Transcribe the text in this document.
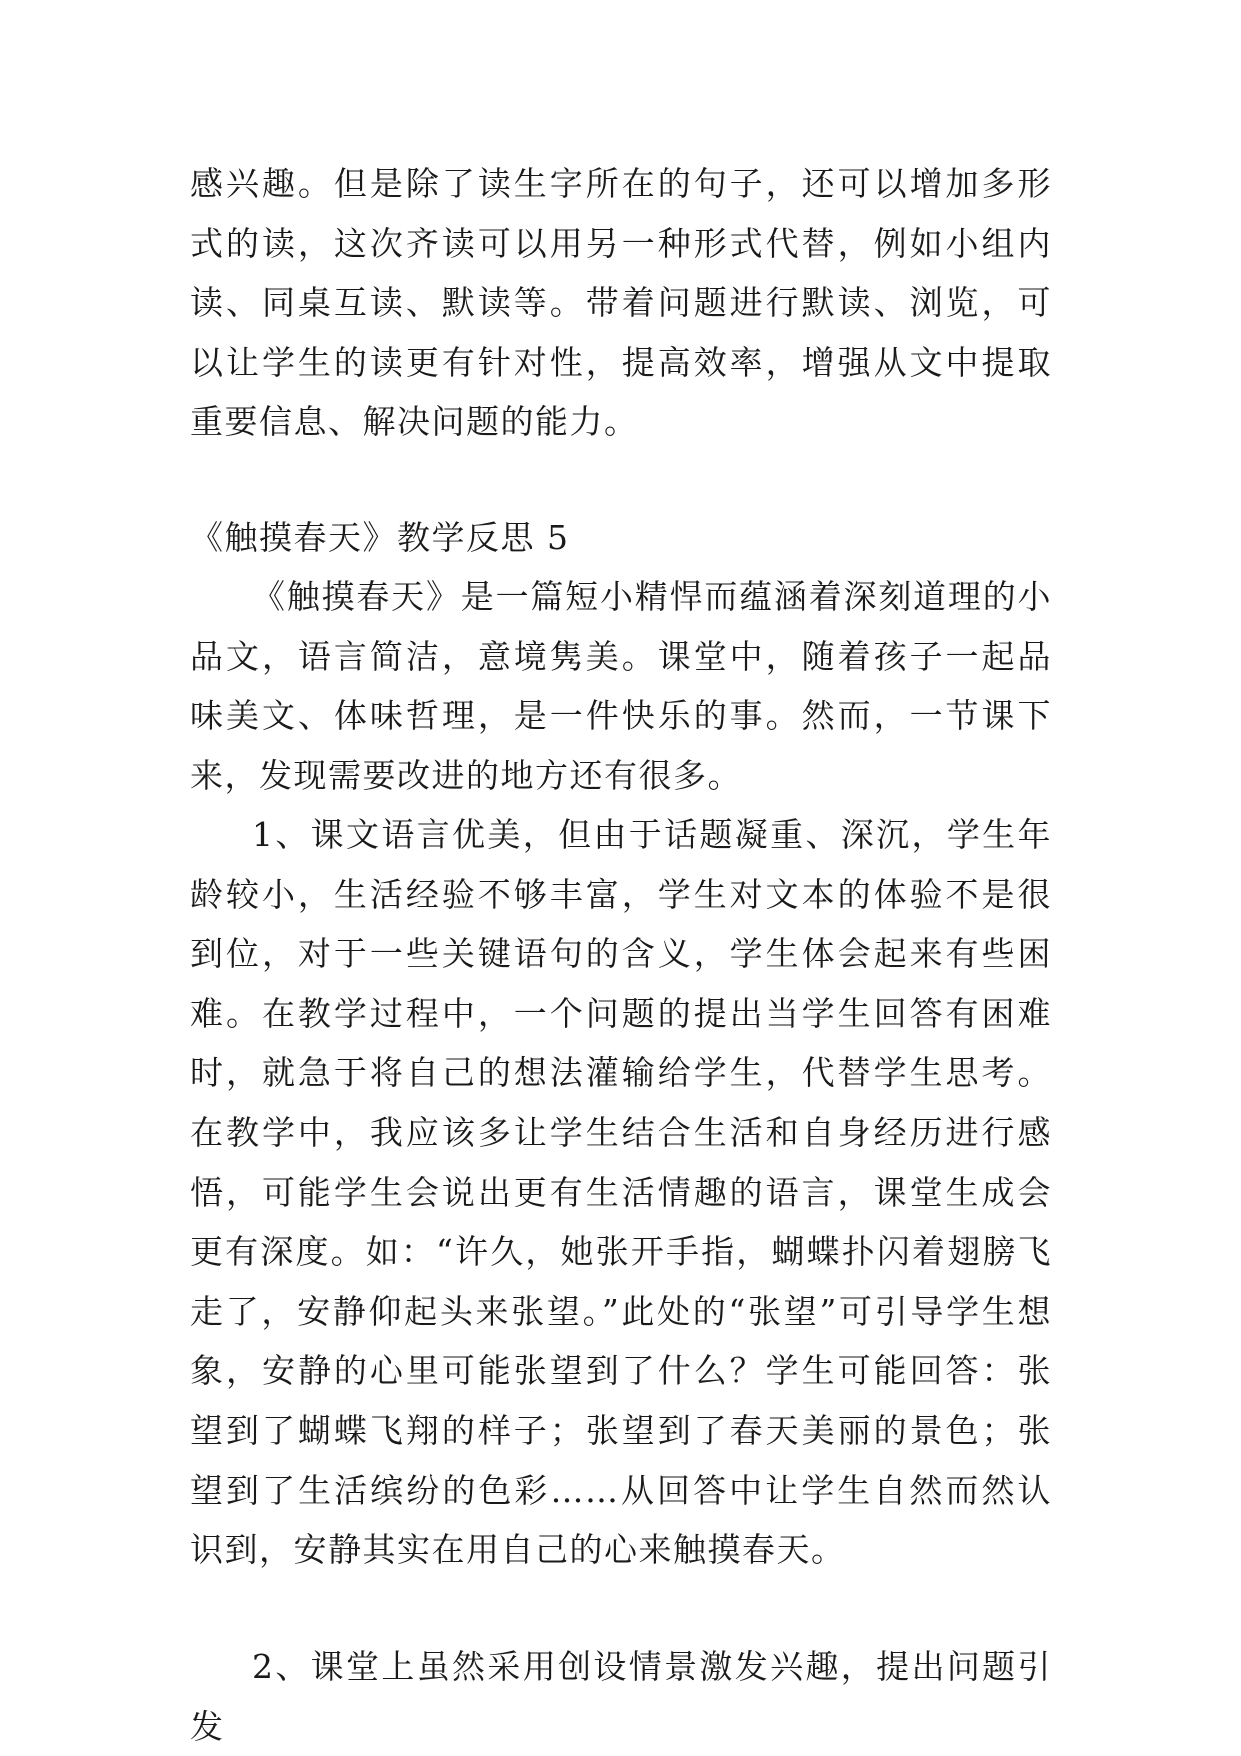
感兴趣。但是除了读生字所在的句子，还可以增加多形式的读，这次齐读可以用另一种形式代替，例如小组内读、同桌互读、默读等。带着问题进行默读、浏览，可以让学生的读更有针对性，提高效率，增强从文中提取重要信息、解决问题的能力。

《触摸春天》教学反思 5

《触摸春天》是一篇短小精悍而蕴涵着深刻道理的小品文，语言简洁，意境隽美。课堂中，随着孩子一起品味美文、体味哲理，是一件快乐的事。然而，一节课下来，发现需要改进的地方还有很多。

1、课文语言优美，但由于话题凝重、深沉，学生年龄较小，生活经验不够丰富，学生对文本的体验不是很到位，对于一些关键语句的含义，学生体会起来有些困难。在教学过程中，一个问题的提出当学生回答有困难时，就急于将自己的想法灌输给学生，代替学生思考。在教学中，我应该多让学生结合生活和自身经历进行感悟，可能学生会说出更有生活情趣的语言，课堂生成会更有深度。如：“许久，她张开手指，蝴蝶扑闪着翅膀飞走了，安静仰起头来张望。”此处的“张望”可引导学生想象，安静的心里可能张望到了什么？学生可能回答：张望到了蝴蝶飞翔的样子；张望到了春天美丽的景色；张望到了生活缤纷的色彩……从回答中让学生自然而然认识到，安静其实在用自己的心来触摸春天。

2、课堂上虽然采用创设情景激发兴趣，提出问题引发
